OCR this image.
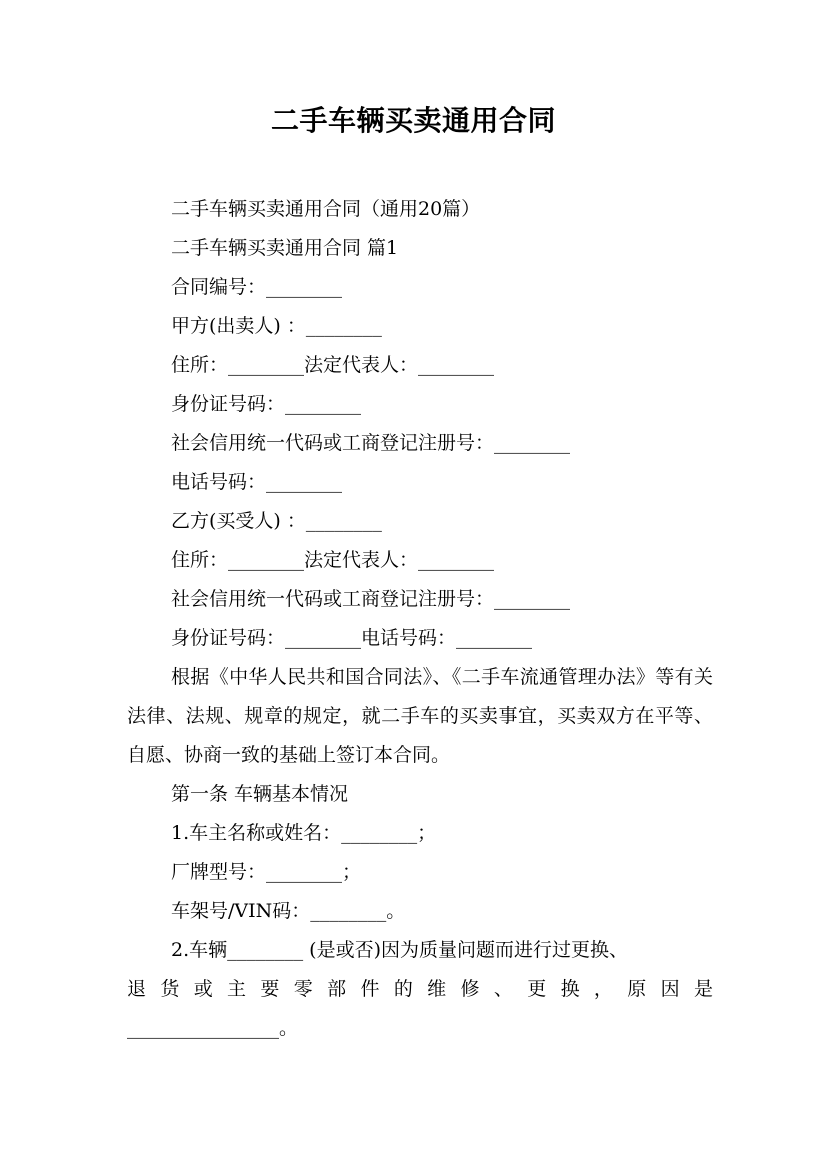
二手车辆买卖通用合同
二手车辆买卖通用合同（通用20篇）
二手车辆买卖通用合同 篇1
合同编号：________
甲方(出卖人) ：________
住所：________法定代表人：________
身份证号码：________
社会信用统一代码或工商登记注册号：________
电话号码：________
乙方(买受人) ：________
住所：________法定代表人：________
社会信用统一代码或工商登记注册号：________
身份证号码：________电话号码：________
根据《中华人民共和国合同法》、《二手车流通管理办法》等有关法律、法规、规章的规定，就二手车的买卖事宜，买卖双方在平等、自愿、协商一致的基础上签订本合同。
第一条 车辆基本情况
1.车主名称或姓名：________；
厂牌型号：________；
车架号/VIN码：________。
2.车辆________ (是或否)因为质量问题而进行过更换、
退货或主要零部件的维修、更换，原因是
________________。
